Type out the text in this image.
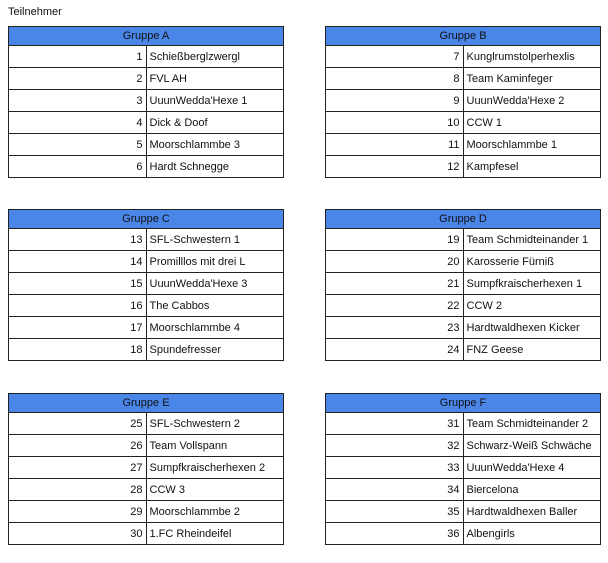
Teilnehmer
Gruppe A	
1	Schießberglzwergl
2	FVL AH
3	UuunWedda'Hexe 1
4	Dick & Doof
5	Moorschlammbe 3
6	Hardt Schnegge
Gruppe B	
7	Kunglrumstolperhexlis
8	Team Kaminfeger
9	UuunWedda'Hexe 2
10	CCW 1
11	Moorschlammbe 1
12	Kampfesel
Gruppe C	
13	SFL-Schwestern 1
14	Promilllos mit drei L
15	UuunWedda'Hexe 3
16	The Cabbos
17	Moorschlammbe 4
18	Spundefresser
Gruppe D	
19	Team Schmidteinander 1
20	Karosserie Fürniß
21	Sumpfkraischerhexen 1
22	CCW 2
23	Hardtwaldhexen Kicker
24	FNZ Geese
Gruppe E	
25	SFL-Schwestern 2
26	Team Vollspann
27	Sumpfkraischerhexen 2
28	CCW 3
29	Moorschlammbe 2
30	1.FC Rheindeifel
Gruppe F	
31	Team Schmidteinander 2
32	Schwarz-Weiß Schwäche
33	UuunWedda'Hexe 4
34	Biercelona
35	Hardtwaldhexen Baller
36	Albengirls
